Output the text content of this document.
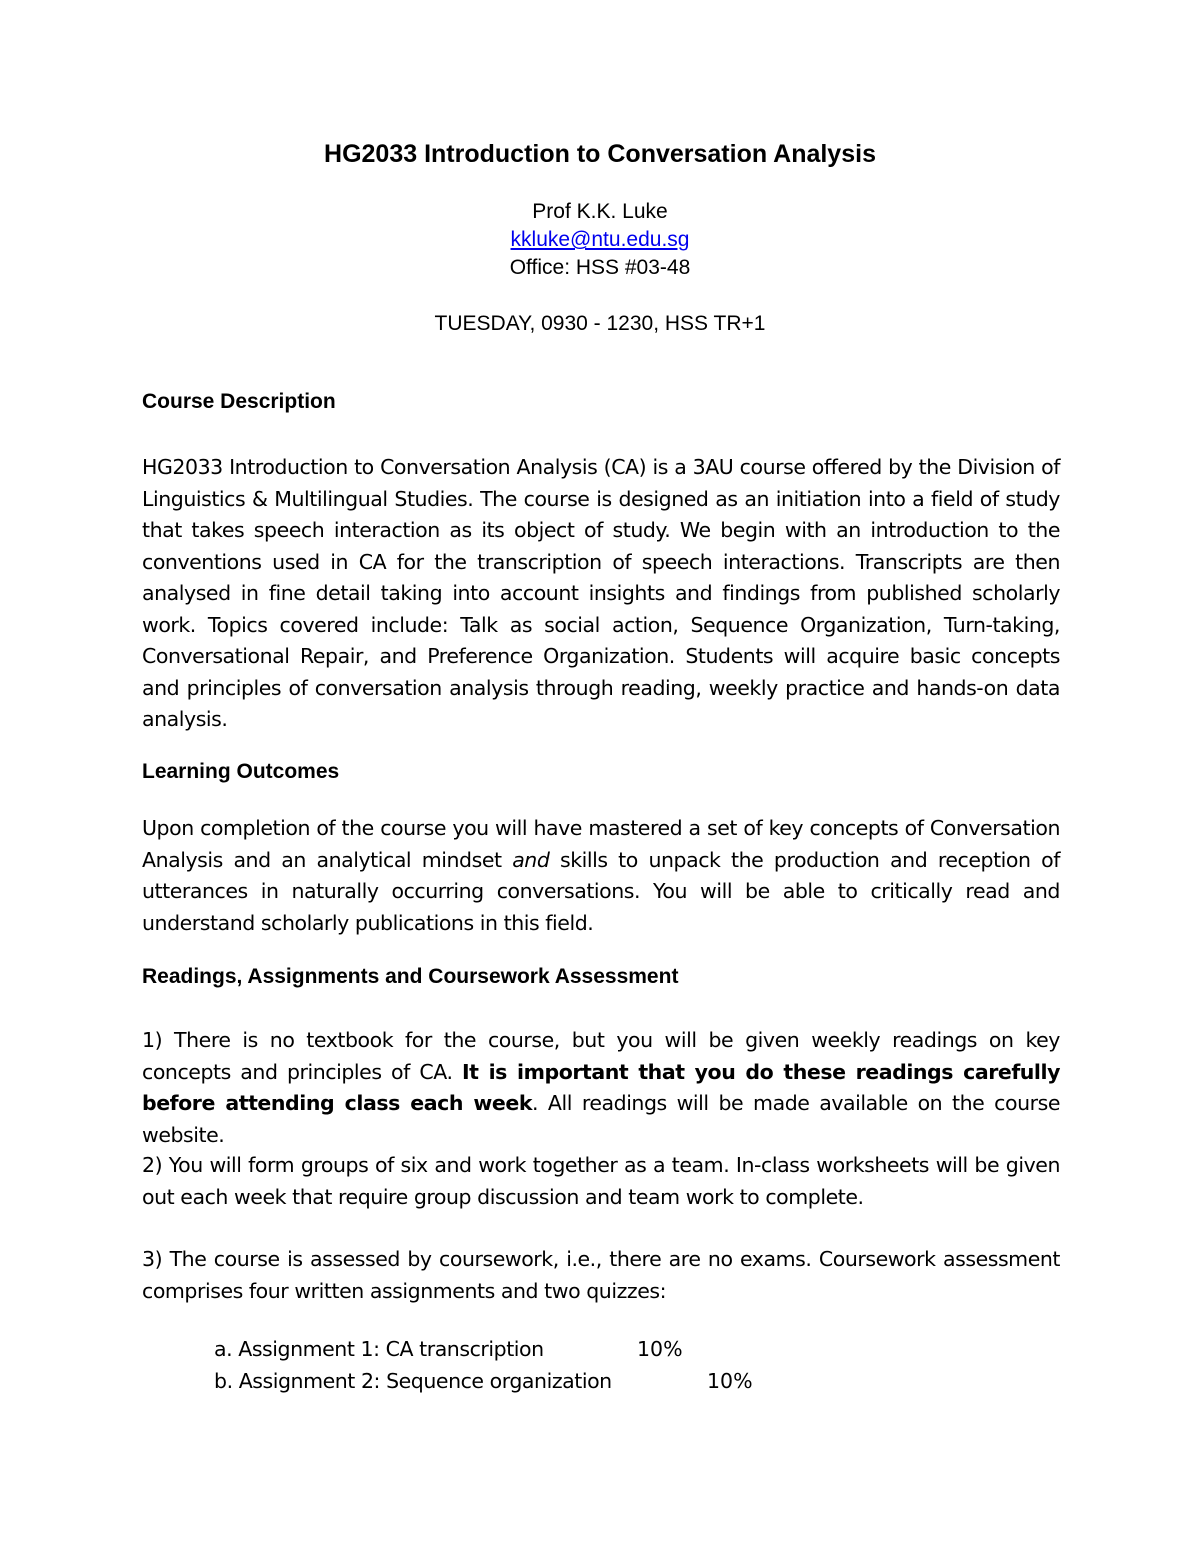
HG2033 Introduction to Conversation Analysis
Prof K.K. Luke
kkluke@ntu.edu.sg
Office: HSS #03-48
TUESDAY, 0930 - 1230, HSS TR+1
Course Description
HG2033 Introduction to Conversation Analysis (CA) is a 3AU course offered by the Division of Linguistics & Multilingual Studies. The course is designed as an initiation into a field of study that takes speech interaction as its object of study. We begin with an introduction to the conventions used in CA for the transcription of speech interactions. Transcripts are then analysed in fine detail taking into account insights and findings from published scholarly work. Topics covered include: Talk as social action, Sequence Organization, Turn-taking, Conversational Repair, and Preference Organization. Students will acquire basic concepts and principles of conversation analysis through reading, weekly practice and hands-on data analysis.
Learning Outcomes
Upon completion of the course you will have mastered a set of key concepts of Conversation Analysis and an analytical mindset and skills to unpack the production and reception of utterances in naturally occurring conversations. You will be able to critically read and understand scholarly publications in this field.
Readings, Assignments and Coursework Assessment
1) There is no textbook for the course, but you will be given weekly readings on key concepts and principles of CA. It is important that you do these readings carefully before attending class each week. All readings will be made available on the course website.
2) You will form groups of six and work together as a team. In-class worksheets will be given out each week that require group discussion and team work to complete.
3) The course is assessed by coursework, i.e., there are no exams. Coursework assessment comprises four written assignments and two quizzes:
a. Assignment 1: CA transcription	10%
b. Assignment 2: Sequence organization	10%
